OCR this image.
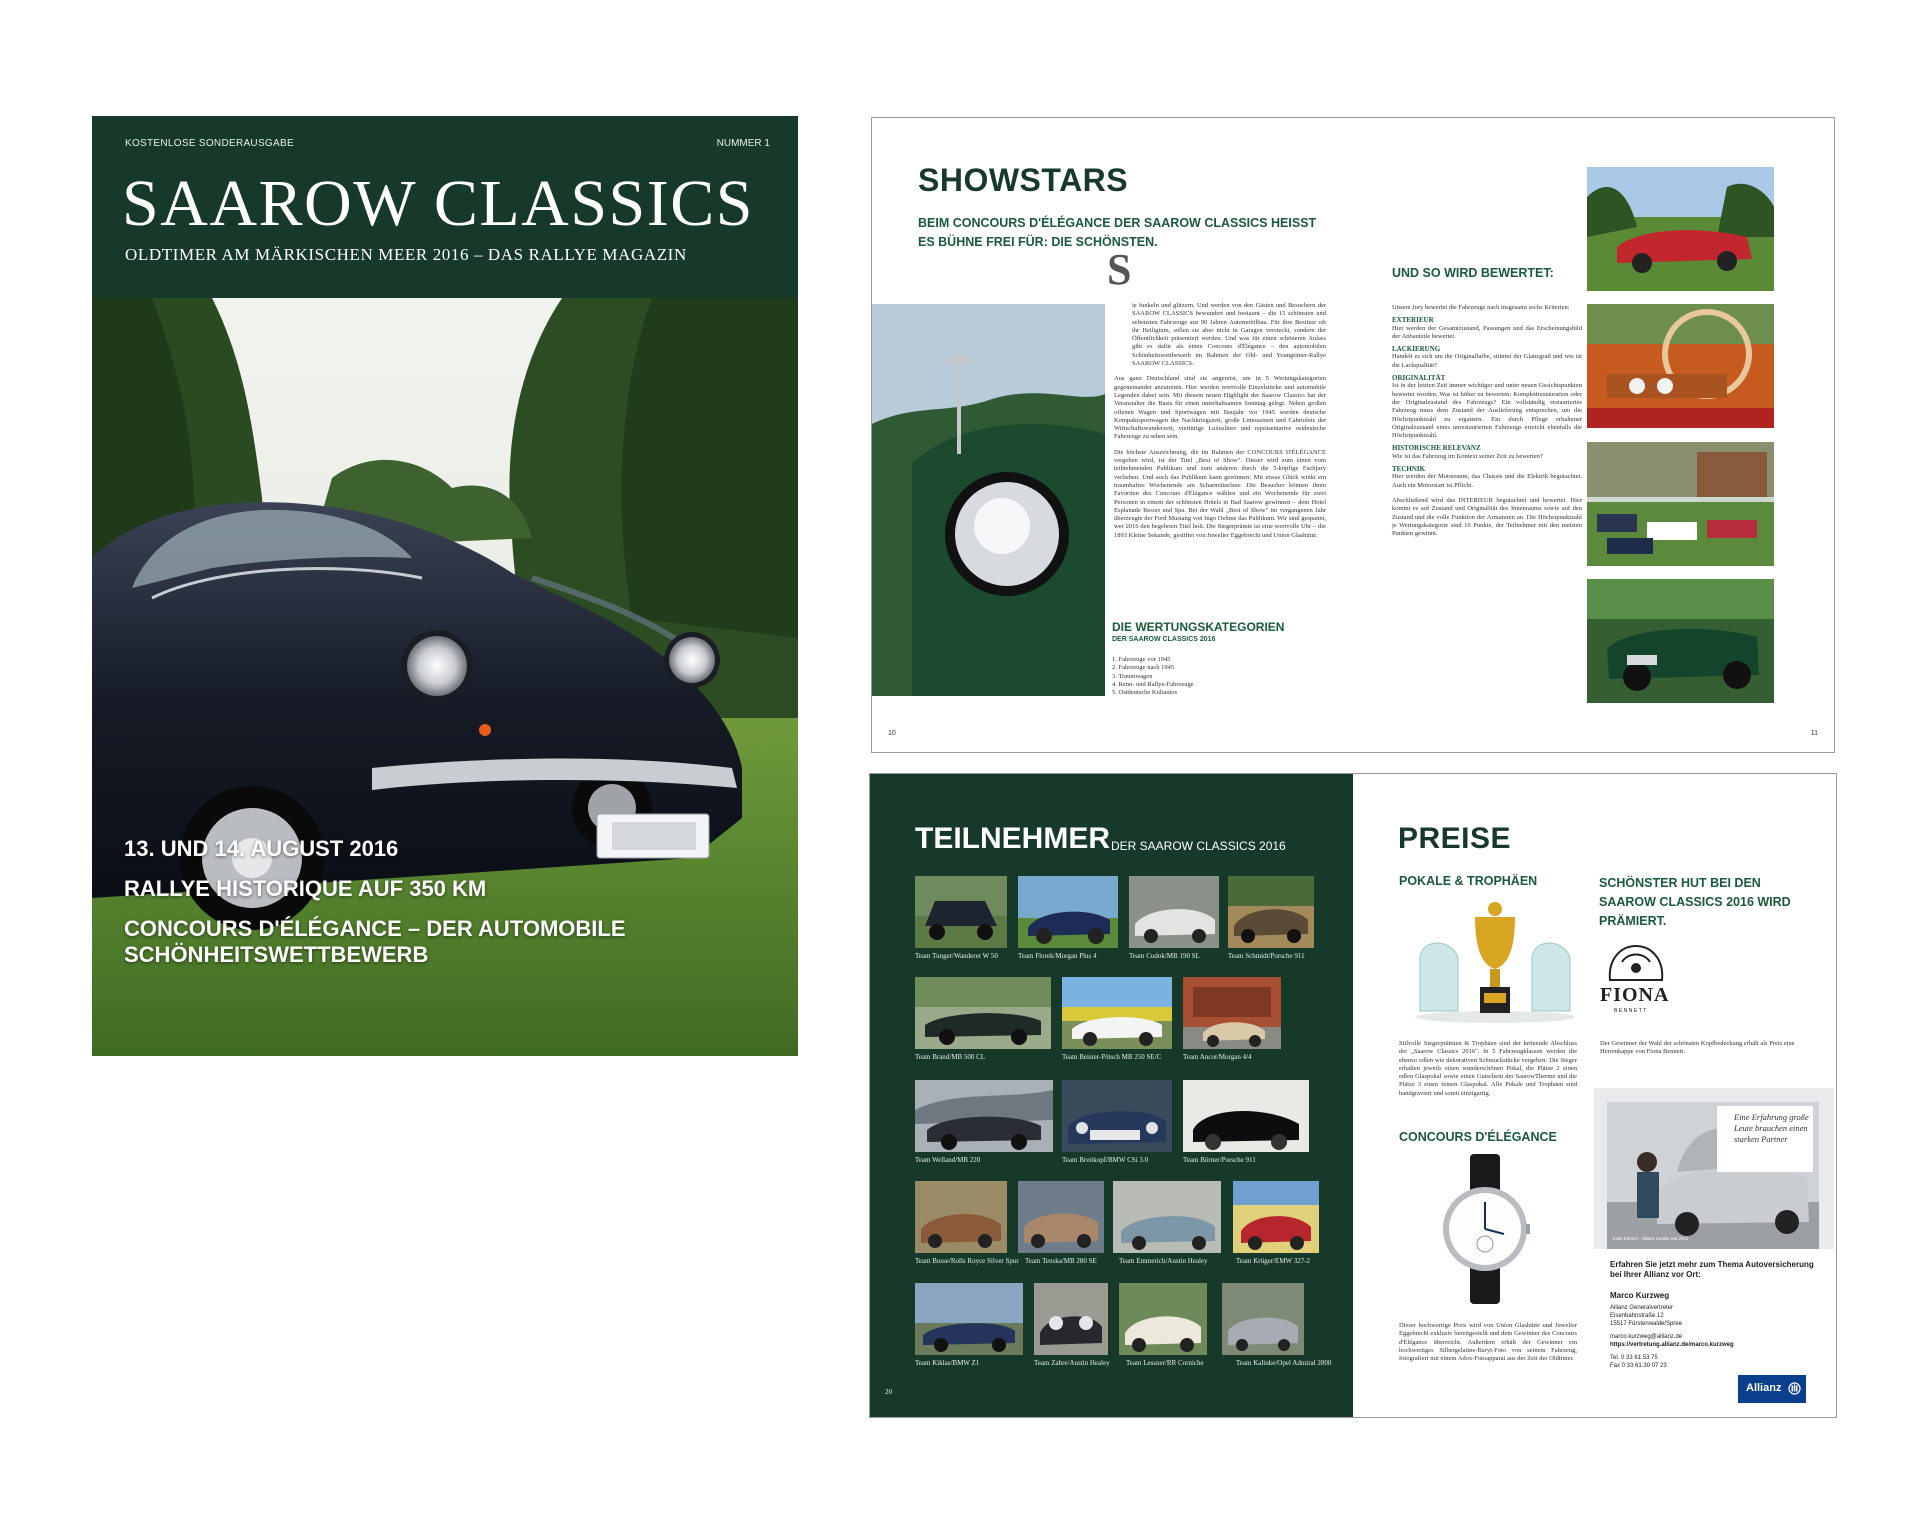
KOSTENLOSE SONDERAUSGABE	NUMMER 1
SAAROW CLASSICS
OLDTIMER AM MÄRKISCHEN MEER 2016 – DAS RALLYE MAGAZIN
13. UND 14. AUGUST 2016
RALLYE HISTORIQUE AUF 350 KM
CONCOURS D'ÉLÉGANCE – DER AUTOMOBILE
SCHÖNHEITSWETTBEWERB
SHOWSTARS
BEIM CONCOURS D'ÉLÉGANCE DER SAAROW CLASSICS HEISST ES BÜHNE FREI FÜR: DIE SCHÖNSTEN.
S
ie funkeln und glitzern. Und werden von den Gästen und Besuchern der SAAROW CLASSICS bewundert und bestaunt – die 15 schönsten und seltensten Fahrzeuge aus 90 Jahren Automobilbau. Für ihre Besitzer oft ihr Heiligtum, sollen sie aber nicht in Garagen versteckt, sondern der Öffentlichkeit präsentiert werden. Und was für einen schöneren Anlass gibt es dafür als einen Concours d'Élégance – den automobilen Schönheitswettbewerb im Rahmen der Old- und Youngtimer-Rallye SAAROW CLASSICS.
Aus ganz Deutschland sind sie angereist, um in 5 Wertungskategorien gegeneinander anzutreten. Hier werden wertvolle Einzelstücke und automobile Legenden dabei sein. Mit diesem neuen Highlight der Saarow Classics hat der Veranstalter die Basis für einen unterhaltsamen Sonntag gelegt. Neben großen offenen Wagen und Sportwagen mit Baujahr vor 1945 werden deutsche Kompaktsportwagen der Nachkriegszeit, große Limousinen und Cabriolets der Wirtschaftswunderzeit, viertürige Luxusliner und repräsentative ostdeutsche Fahrzeuge zu sehen sein.
Die höchste Auszeichnung, die im Rahmen der CONCOURS D'ÉLÉGANCE vergeben wird, ist der Titel „Best of Show". Dieser wird zum einen vom teilnehmenden Publikum und zum anderen durch die 5-köpfige Fachjury verliehen. Und auch das Publikum kann gewinnen: Mit etwas Glück winkt ein traumhaftes Wochenende am Scharmützelsee: Die Besucher können ihren Favoriten des Concours d'Élégance wählen und ein Wochenende für zwei Personen in einem der schönsten Hotels in Bad Saarow gewinnen – dem Hotel Esplanade Resort und Spa. Bei der Wahl „Best of Show" im vergangenen Jahr überzeugte der Ford Mustang von Ingo Oehme das Publikum. Wir sind gespannt, wer 2016 den begehrten Titel holt. Die Siegerprämie ist eine wertvolle Uhr – die 1893 Kleine Sekunde, gestiftet von Juwelier Eggebrecht und Union Glashütte.
DIE WERTUNGSKATEGORIEN
DER SAAROW CLASSICS 2016
1. Fahrzeuge vor 1945
2. Fahrzeuge nach 1945
3. Traumwagen
4. Renn- und Rallye-Fahrzeuge
5. Ostdeutsche Kultautos
UND SO WIRD BEWERTET:
Unsere Jury bewertet die Fahrzeuge nach insgesamt sechs Kriterien:
EXTERIEUR
Hier werden der Gesamtzustand, Passungen und das Erscheinungsbild der Anbauteile bewertet.
LACKIERUNG
Handelt es sich um die Originalfarbe, stimmt der Glanzgrad und wie ist die Lackqualität?
ORIGINALITÄT
Ist in der letzten Zeit immer wichtiger und unter neuen Gesichtspunkten bewertet worden. Was ist höher zu bewerten: Komplettrestauration oder der Originalzustand des Fahrzeugs? Ein vollständig restauriertes Fahrzeug muss dem Zustand der Auslieferung entsprechen, um die Höchstpunktzahl zu ergattern. Ein durch Pflege erhaltener Originalzustand eines unrestaurierten Fahrzeugs erreicht ebenfalls die Höchstpunktzahl.
HISTORISCHE RELEVANZ
Wie ist das Fahrzeug im Kontext seiner Zeit zu bewerten?
TECHNIK
Hier werden der Motorraum, das Chassis und die Elektrik begutachtet. Auch ein Motorstart ist Pflicht.
Abschließend wird das INTERIEUR begutachtet und bewertet. Hier kommt es auf Zustand und Originalität des Innenraums sowie auf den Zustand und die volle Funktion der Armaturen an. Die Höchstpunktzahl je Wertungskategorie sind 10 Punkte, der Teilnehmer mit den meisten Punkten gewinnt.
10	11
TEILNEHMER DER SAAROW CLASSICS 2016
Team Tunger/Wanderer W 50	Team Florek/Morgan Plus 4	Team Cudok/MB 190 SL	Team Schmidt/Porsche 911
Team Brand/MB 500 CL	Team Beister-Pötsch MB 250 SE/C	Team Ancot/Morgan 4/4
Team Welland/MB 220	Team Breitkopf/BMW CSi 3.0	Team Börner/Porsche 911
Team Busse/Rolls Royce Silver Spur Team Tenska/MB 280 SE	Team Emmerich/Austin Healey	Team Krüger/EMW 327-2
Team Kiklas/BMW Z1	Team Zabre/Austin Healey Team Lessner/RR Corniche	Team Kalinke/Opel Admiral 2800
20
PREISE
POKALE & TROPHÄEN
Stilvolle Siegerprämien & Trophäen sind der krönende Abschluss der „Saarow Classics 2016". In 5 Fahrzeugklassen werden die ebenso edlen wie dekorativen Schmuckstücke vergeben: Die Sieger erhalten jeweils einen wunderschönen Pokal, die Plätze 2 einen edlen Glaspokal sowie einen Gutschein der SaarowTherme und die Plätze 3 einen feinen Glaspokal. Alle Pokale und Trophäen sind handgraviert und somit einzigartig.
SCHÖNSTER HUT BEI DEN SAAROW CLASSICS 2016 WIRD PRÄMIERT.
FIONA
BENNETT
Der Gewinner der Wahl der schönsten Kopfbedeckung erhält als Preis eine Herrenkappe von Fiona Bennett.
CONCOURS D'ÉLÉGANCE
Dieser hochwertige Preis wird von Union Glashütte und Juwelier Eggebrecht exklusiv bereitgestellt und dem Gewinner des Concours d'Élégance überreicht. Außerdem erhält der Gewinner ein hochwertiges Silbergelatine-Baryt-Foto von seinem Fahrzeug, fotografiert mit einem Adox-Fotoapparat aus der Zeit der Oldtimer.
Eine Erfahrung große Leute brauchen einen starken Partner
Joshi Kühnel - Allianz Kunde seit 2011
Erfahren Sie jetzt mehr zum Thema Autoversicherung bei Ihrer Allianz vor Ort:
Marco Kurzweg
Allianz Generalvertreter
Eisenbahnstraße 12
15517 Fürstenwalde/Spree
marco.kurzweg@allianz.de
https://vertretung.allianz.de/marco.kurzweg
Tel. 0 33 61.53 75
Fax 0 33 61.30 07 23
Allianz
